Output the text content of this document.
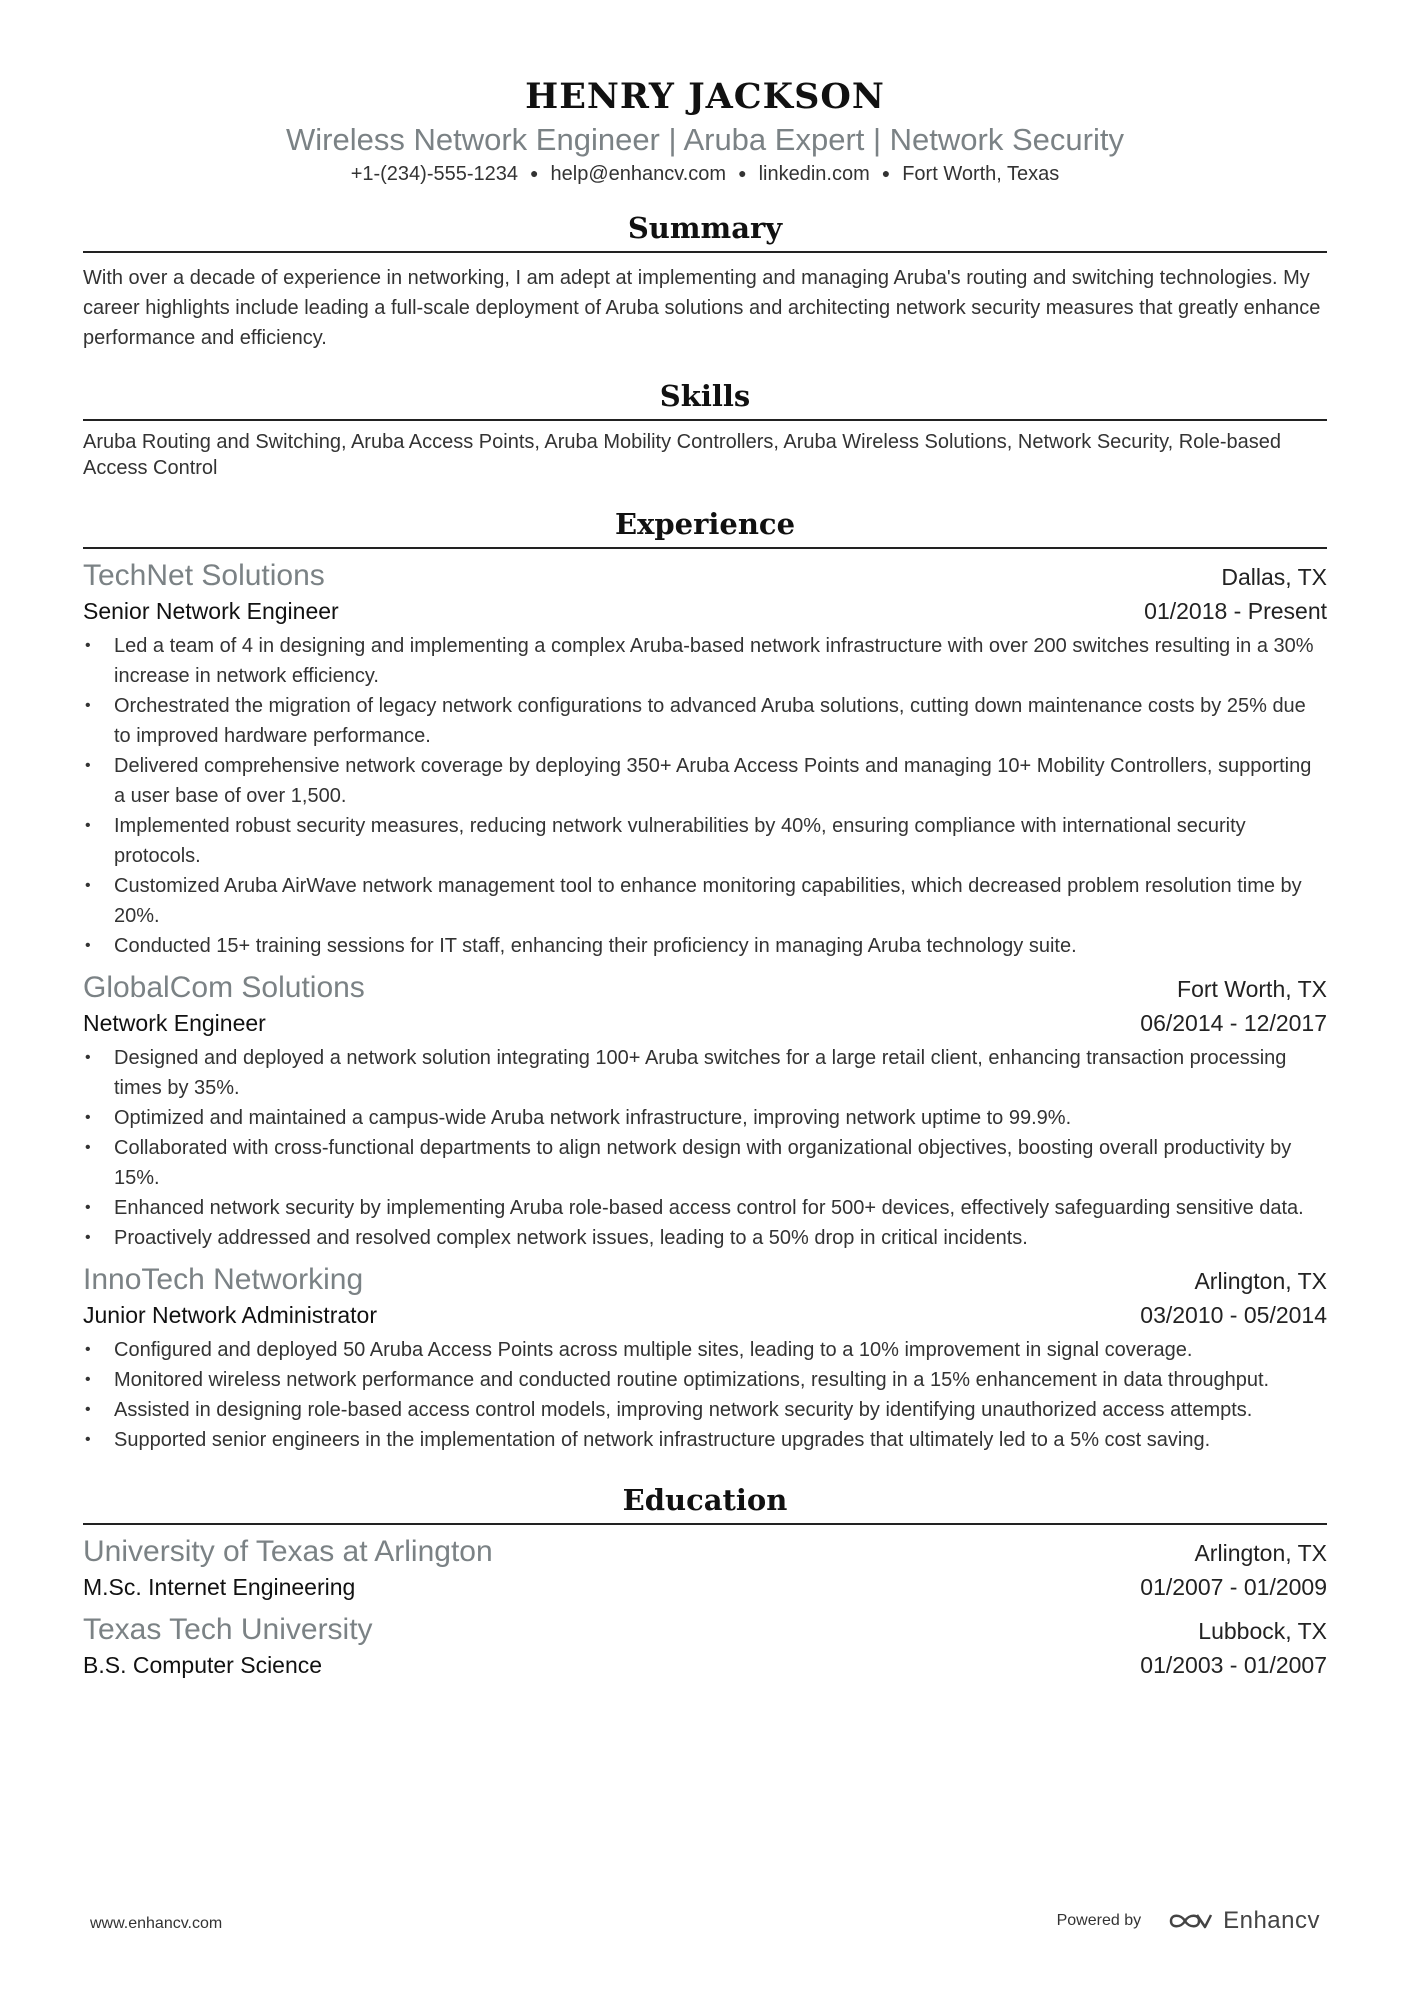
HENRY JACKSON
Wireless Network Engineer | Aruba Expert | Network Security
+1-(234)-555-1234 ● help@enhancv.com ● linkedin.com ● Fort Worth, Texas
Summary
With over a decade of experience in networking, I am adept at implementing and managing Aruba's routing and switching technologies. My career highlights include leading a full-scale deployment of Aruba solutions and architecting network security measures that greatly enhance performance and efficiency.
Skills
Aruba Routing and Switching, Aruba Access Points, Aruba Mobility Controllers, Aruba Wireless Solutions, Network Security, Role-based Access Control
Experience
TechNet Solutions	Dallas, TX
Senior Network Engineer	01/2018 - Present
• Led a team of 4 in designing and implementing a complex Aruba-based network infrastructure with over 200 switches resulting in a 30% increase in network efficiency.
• Orchestrated the migration of legacy network configurations to advanced Aruba solutions, cutting down maintenance costs by 25% due to improved hardware performance.
• Delivered comprehensive network coverage by deploying 350+ Aruba Access Points and managing 10+ Mobility Controllers, supporting a user base of over 1,500.
• Implemented robust security measures, reducing network vulnerabilities by 40%, ensuring compliance with international security protocols.
• Customized Aruba AirWave network management tool to enhance monitoring capabilities, which decreased problem resolution time by 20%.
• Conducted 15+ training sessions for IT staff, enhancing their proficiency in managing Aruba technology suite.
GlobalCom Solutions	Fort Worth, TX
Network Engineer	06/2014 - 12/2017
• Designed and deployed a network solution integrating 100+ Aruba switches for a large retail client, enhancing transaction processing times by 35%.
• Optimized and maintained a campus-wide Aruba network infrastructure, improving network uptime to 99.9%.
• Collaborated with cross-functional departments to align network design with organizational objectives, boosting overall productivity by 15%.
• Enhanced network security by implementing Aruba role-based access control for 500+ devices, effectively safeguarding sensitive data.
• Proactively addressed and resolved complex network issues, leading to a 50% drop in critical incidents.
InnoTech Networking	Arlington, TX
Junior Network Administrator	03/2010 - 05/2014
• Configured and deployed 50 Aruba Access Points across multiple sites, leading to a 10% improvement in signal coverage.
• Monitored wireless network performance and conducted routine optimizations, resulting in a 15% enhancement in data throughput.
• Assisted in designing role-based access control models, improving network security by identifying unauthorized access attempts.
• Supported senior engineers in the implementation of network infrastructure upgrades that ultimately led to a 5% cost saving.
Education
University of Texas at Arlington	Arlington, TX
M.Sc. Internet Engineering	01/2007 - 01/2009
Texas Tech University	Lubbock, TX
B.S. Computer Science	01/2003 - 01/2007
www.enhancv.com	Powered by	Enhancv
